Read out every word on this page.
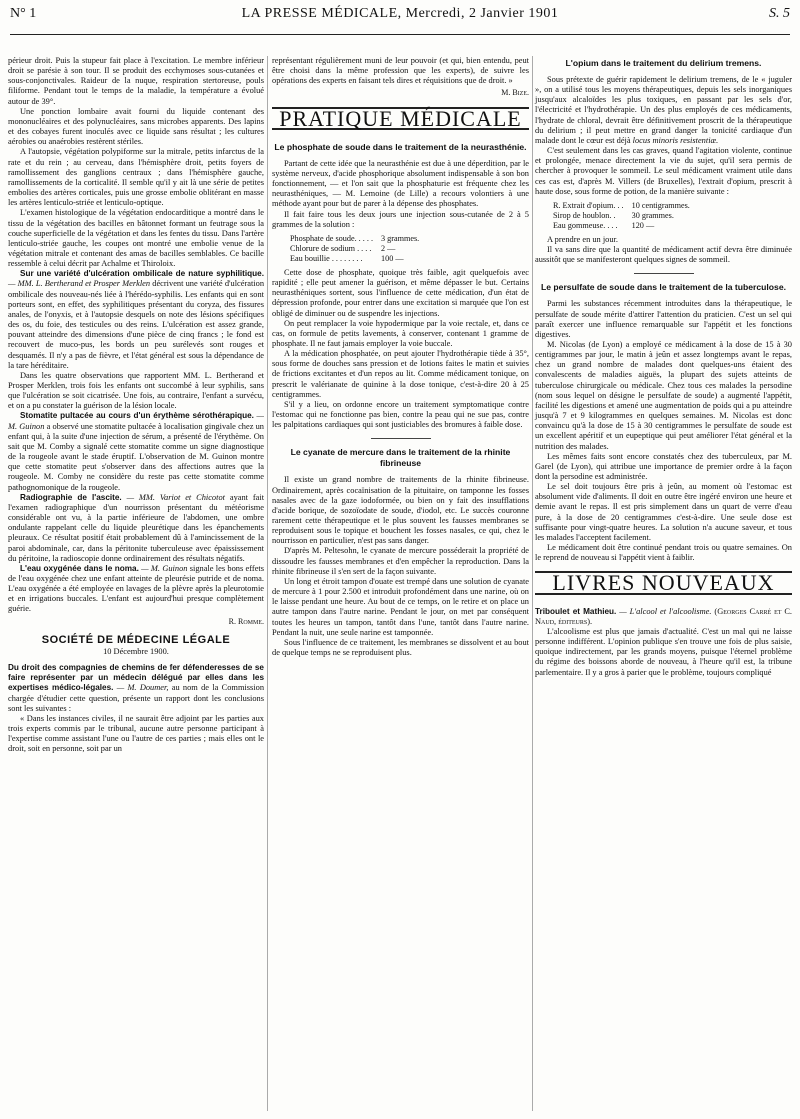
N° 1	LA PRESSE MÉDICALE, Mercredi, 2 Janvier 1901	S. 5

périeur droit. Puis la stupeur fait place à l'excitation. Le membre inférieur droit se parésie à son tour. Il se produit des ecchymoses sous-cutanées et sous-conjonctivales. Raideur de la nuque, respiration stertoreuse, pouls filiforme. Pendant tout le temps de la maladie, la température a évolué autour de 39°.

Une ponction lombaire avait fourni du liquide contenant des mononucléaires et des polynucléaires, sans microbes apparents. Des lapins et des cobayes furent inoculés avec ce liquide sans résultat ; les cultures aérobies ou anaérobies restèrent stériles.

A l'autopsie, végétation polypiforme sur la mitrale, petits infarctus de la rate et du rein ; au cerveau, dans l'hémisphère droit, petits foyers de ramollissement des ganglions centraux ; dans l'hémisphère gauche, ramollissements de la corticalité. Il semble qu'il y ait là une série de petites embolies des artères corticales, puis une grosse embolie oblitérant en masse les artères lenticulo-striée et lenticulo-optique.

L'examen histologique de la végétation endocarditique a montré dans le tissu de la végétation des bacilles en bâtonnet formant un feutrage sous la couche superficielle de la végétation et dans les fentes du tissu. Dans l'artère lenticulo-striée gauche, les coupes ont montré une embolie venue de la végétation mitrale et contenant des amas de bacilles semblables. Ce bacille ressemble à celui décrit par Achalme et Thiroloix.

Sur une variété d'ulcération ombilicale de nature syphilitique. — MM. L. Bertherand et Prosper Merklen décrivent une variété d'ulcération ombilicale des nouveau-nés liée à l'hérédo-syphilis. Les enfants qui en sont porteurs sont, en effet, des syphilitiques présentant du coryza, des fissures anales, de l'onyxis, et à l'autopsie desquels on note des lésions spécifiques des os, du foie, des testicules ou des reins. L'ulcération est assez grande, pouvant atteindre des dimensions d'une pièce de cinq francs ; le fond est recouvert de muco-pus, les bords un peu surélevés sont rouges et desquamés. Il n'y a pas de fièvre, et l'état général est sous la dépendance de la tare héréditaire.

Dans les quatre observations que rapportent MM. L. Bertherand et Prosper Merklen, trois fois les enfants ont succombé à leur syphilis, sans que l'ulcération se soit cicatrisée. Une fois, au contraire, l'enfant a survécu, et on a pu constater la guérison de la lésion locale.

Stomatite pultacée au cours d'un érythème sérothérapique. — M. Guinon a observé une stomatite pultacée à localisation gingivale chez un enfant qui, à la suite d'une injection de sérum, a présenté de l'érythème. On sait que M. Comby a signalé cette stomatite comme un signe diagnostique de la rougeole avant le stade éruptif. L'observation de M. Guinon montre que cette stomatite peut s'observer dans des affections autres que la rougeole. M. Comby ne considère du reste pas cette stomatite comme pathognomonique de la rougeole.

Radiographie de l'ascite. — MM. Variot et Chicotot ayant fait l'examen radiographique d'un nourrisson présentant du météorisme considérable ont vu, à la partie inférieure de l'abdomen, une ombre ondulante rappelant celle du liquide pleurétique dans les épanchements pleuraux. Ce résultat positif était probablement dû à l'amincissement de la paroi abdominale, car, dans la péritonite tuberculeuse avec épaississement du péritoine, la radioscopie donne ordinairement des résultats négatifs.

L'eau oxygénée dans le noma. — M. Guinon signale les bons effets de l'eau oxygénée chez une enfant atteinte de pleurésie putride et de noma. L'eau oxygénée a été employée en lavages de la plèvre après la pleurotomie et en irrigations buccales. L'enfant est aujourd'hui presque complètement guérie.

R. Romme.
SOCIÉTÉ DE MÉDECINE LÉGALE
10 Décembre 1900.

Du droit des compagnies de chemins de fer défenderesses de se faire représenter par un médecin délégué par elles dans les expertises médico-légales. — M. Doumer, au nom de la Commission chargée d'étudier cette question, présente un rapport dont les conclusions sont les suivantes :

« Dans les instances civiles, il ne saurait être adjoint par les parties aux trois experts commis par le tribunal, aucune autre personne participant à l'expertise comme assistant l'une ou l'autre de ces parties ; mais elles ont le droit, soit en personne, soit par un

représentant régulièrement muni de leur pouvoir (et qui, bien entendu, peut être choisi dans la même profession que les experts), de suivre les opérations des experts en faisant tels dires et réquisitions que de droit. »

M. Bize.
PRATIQUE MÉDICALE
Le phosphate de soude dans le traitement de la neurasthénie.

Partant de cette idée que la neurasthénie est due à une déperdition, par le système nerveux, d'acide phosphorique absolument indispensable à son bon fonctionnement, — et l'on sait que la phosphaturie est fréquente chez les neurasthéniques, — M. Lemoine (de Lille) a recours volontiers à une méthode ayant pour but de parer à la dépense des phosphates.

Il fait faire tous les deux jours une injection sous-cutanée de 2 à 5 grammes de la solution :

Phosphate de soude. . . . .	3 grammes.
Chlorure de sodium . . . .	2 —
Eau bouillie . . . . . . . .	100 —

Cette dose de phosphate, quoique très faible, agit quelquefois avec rapidité ; elle peut amener la guérison, et même dépasser le but. Certains neurasthéniques sortent, sous l'influence de cette médication, d'un état de dépression profonde, pour entrer dans une excitation si marquée que l'on est obligé de diminuer ou de suspendre les injections.

On peut remplacer la voie hypodermique par la voie rectale, et, dans ce cas, on formule de petits lavements, à conserver, contenant 1 gramme de phosphate. Il ne faut jamais employer la voie buccale.

A la médication phosphatée, on peut ajouter l'hydrothérapie tiède à 35°, sous forme de douches sans pression et de lotions faites le matin et suivies de frictions excitantes et d'un repos au lit. Comme médicament tonique, on prescrit le valérianate de quinine à la dose tonique, c'est-à-dire 20 à 25 centigrammes.

S'il y a lieu, on ordonne encore un traitement symptomatique contre l'estomac qui ne fonctionne pas bien, contre la peau qui ne sue pas, contre les palpitations cardiaques qui sont justiciables des bromures à faible dose.

Le cyanate de mercure dans le traitement de la rhinite fibrineuse

Il existe un grand nombre de traitements de la rhinite fibrineuse. Ordinairement, après cocaïnisation de la pituitaire, on tamponne les fosses nasales avec de la gaze iodoformée, ou bien on y fait des insufflations d'acide borique, de sozoïodate de soude, d'iodol, etc. Le succès couronne rarement cette thérapeutique et le plus souvent les fausses membranes se reproduisent sous le topique et bouchent les fosses nasales, ce qui, chez le nourrisson en particulier, n'est pas sans danger.

D'après M. Peltesohn, le cyanate de mercure posséderait la propriété de dissoudre les fausses membranes et d'en empêcher la reproduction. Dans la rhinite fibrineuse il s'en sert de la façon suivante.

Un long et étroit tampon d'ouate est trempé dans une solution de cyanate de mercure à 1 pour 2.500 et introduit profondément dans une narine, où on le laisse pendant une heure. Au bout de ce temps, on le retire et on place un autre tampon dans l'autre narine. Pendant le jour, on met par conséquent toutes les heures un tampon, tantôt dans l'une, tantôt dans l'autre narine. Pendant la nuit, une seule narine est tamponnée.

Sous l'influence de ce traitement, les membranes se dissolvent et au bout de quelque temps ne se reproduisent plus.

L'opium dans le traitement du delirium tremens.

Sous prétexte de guérir rapidement le delirium tremens, de le « juguler », on a utilisé tous les moyens thérapeutiques, depuis les sels inorganiques jusqu'aux alcaloïdes les plus toxiques, en passant par les sels d'or, l'électricité et l'hydrothérapie. Un des plus employés de ces médicaments, l'hydrate de chloral, devrait être définitivement proscrit de la thérapeutique du delirium ; il peut mettre en grand danger la tonicité cardiaque d'un malade dont le cœur est déjà locus minoris resistentiæ.

C'est seulement dans les cas graves, quand l'agitation violente, continue et prolongée, menace directement la vie du sujet, qu'il sera permis de chercher à provoquer le sommeil. Le seul médicament vraiment utile dans ces cas est, d'après M. Villers (de Bruxelles), l'extrait d'opium, prescrit à haute dose, sous forme de potion, de la manière suivante :

R. Extrait d'opium. . .	10 centigrammes.
Sirop de houblon. .	30 grammes.
Eau gommeuse. . . .	120 —

A prendre en un jour.

Il va sans dire que la quantité de médicament actif devra être diminuée aussitôt que se manifesteront quelques signes de sommeil.

Le persulfate de soude dans le traitement de la tuberculose.

Parmi les substances récemment introduites dans la thérapeutique, le persulfate de soude mérite d'attirer l'attention du praticien. C'est un sel qui paraît exercer une influence remarquable sur l'appétit et les fonctions digestives.

M. Nicolas (de Lyon) a employé ce médicament à la dose de 15 à 30 centigrammes par jour, le matin à jeûn et assez longtemps avant le repas, chez un grand nombre de malades dont quelques-uns étaient des convalescents de maladies aiguës, la plupart des sujets atteints de tuberculose chirurgicale ou médicale. Chez tous ces malades la persodine (nom sous lequel on désigne le persulfate de soude) a augmenté l'appétit, facilité les digestions et amené une augmentation de poids qui a pu atteindre jusqu'à 7 et 9 kilogrammes en quelques semaines. M. Nicolas est donc convaincu qu'à la dose de 15 à 30 centigrammes le persulfate de soude est un excellent apéritif et un eupeptique qui peut améliorer l'état général et la nutrition des malades.

Les mêmes faits sont encore constatés chez des tuberculeux, par M. Garel (de Lyon), qui attribue une importance de premier ordre à la façon dont la persodine est administrée.

Le sel doit toujours être pris à jeûn, au moment où l'estomac est absolument vide d'aliments. Il doit en outre être ingéré environ une heure et demie avant le repas. Il est pris simplement dans un quart de verre d'eau pure, à la dose de 20 centigrammes c'est-à-dire. Une seule dose est suffisante pour vingt-quatre heures. La solution n'a aucune saveur, et tous les malades l'acceptent facilement.

Le médicament doit être continué pendant trois ou quatre semaines. On le reprend de nouveau si l'appétit vient à faiblir.

LIVRES NOUVEAUX

Triboulet et Mathieu. — L'alcool et l'alcoolisme. (Georges Carré et C. Naud, éditeurs).

L'alcoolisme est plus que jamais d'actualité. C'est un mal qui ne laisse personne indifférent. L'opinion publique s'en trouve une fois de plus saisie, quoique indirectement, par les grands moyens, puisque l'éternel problème du régime des boissons aborde de nouveau, à l'heure qu'il est, la tribune parlementaire. Il y a gros à parier que le problème, toujours compliqué
